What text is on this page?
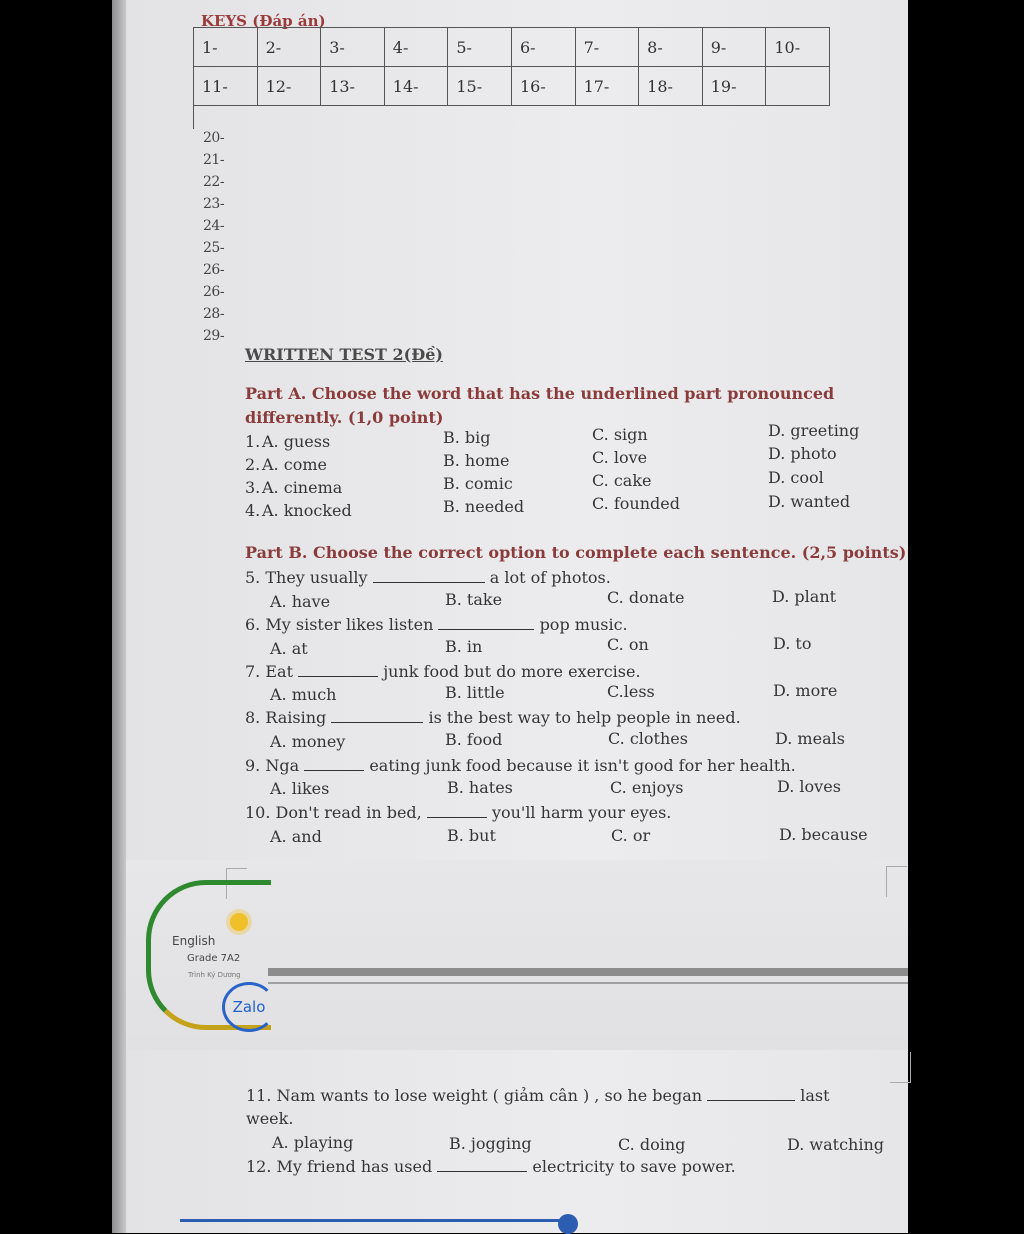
KEYS (Đáp án)
1-	2-	3-	4-	5-	6-	7-	8-	9-	10-
11-	12-	13-	14-	15-	16-	17-	18-	19-	
20-
21-
22-
23-
24-
25-
26-
26-
28-
29-
WRITTEN TEST 2(Đề)
Part A. Choose the word that has the underlined part pronounced
differently. (1,0 point)
1. A. guess	B. big	C. sign	D. greeting
2. A. come	B. home	C. love	D. photo
3. A. cinema	B. comic	C. cake	D. cool
4. A. knocked	B. needed	C. founded	D. wanted
Part B. Choose the correct option to complete each sentence. (2,5 points)
5. They usually	a lot of photos.
A. have	B. take	C. donate	D. plant
6. My sister likes listen	pop music.
A. at	B. in	C. on	D. to
7. Eat	junk food but do more exercise.
A. much	B. little	C.less	D. more
8. Raising	is the best way to help people in need.
A. money	B. food	C. clothes	D. meals
9. Nga	eating junk food because it isn't good for her health.
A. likes	B. hates	C. enjoys	D. loves
10. Don't read in bed,	you'll harm your eyes.
A. and	B. but	C. or	D. because
English
Grade 7A2
Trình Ký Dương
Zalo
11. Nam wants to lose weight ( giảm cân ) , so he began	last
week.
A. playing	B. jogging	C. doing	D. watching
12. My friend has used	electricity to save power.
